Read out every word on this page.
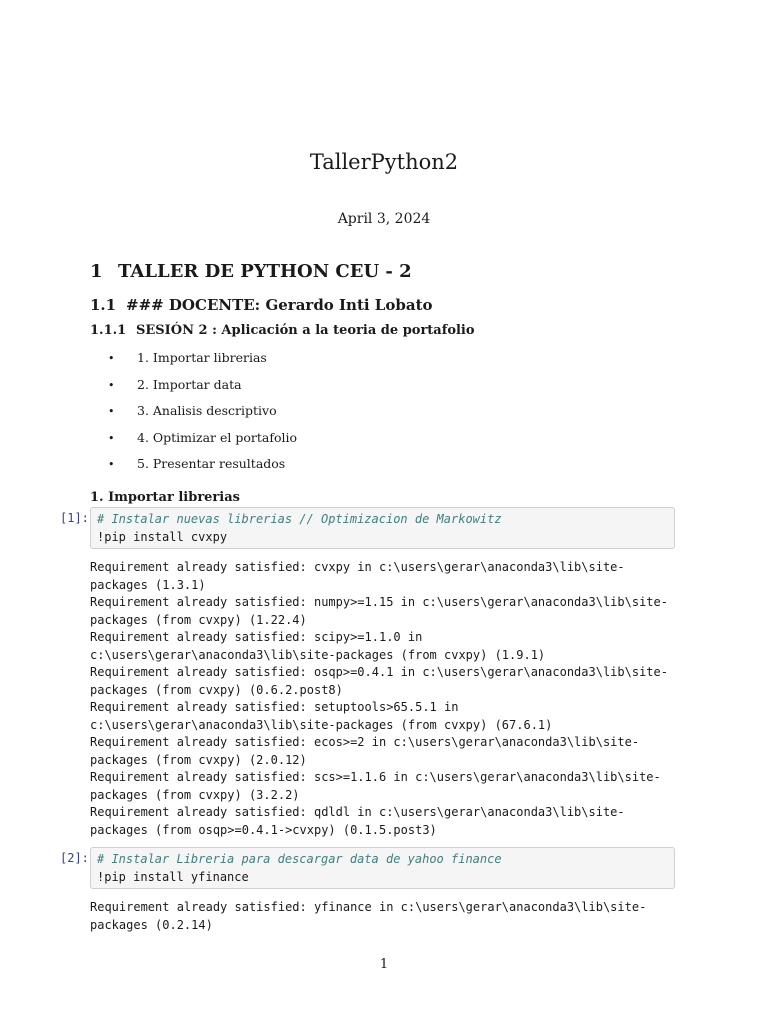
TallerPython2
April 3, 2024
1 TALLER DE PYTHON CEU - 2
1.1 ### DOCENTE: Gerardo Inti Lobato
1.1.1 SESIÓN 2 : Aplicación a la teoria de portafolio
• 1. Importar librerias
• 2. Importar data
• 3. Analisis descriptivo
• 4. Optimizar el portafolio
• 5. Presentar resultados
1. Importar librerias
[1]: # Instalar nuevas librerias // Optimizacion de Markowitz
!pip install cvxpy
Requirement already satisfied: cvxpy in c:\users\gerar\anaconda3\lib\site-
packages (1.3.1)
Requirement already satisfied: numpy>=1.15 in c:\users\gerar\anaconda3\lib\site-
packages (from cvxpy) (1.22.4)
Requirement already satisfied: scipy>=1.1.0 in
c:\users\gerar\anaconda3\lib\site-packages (from cvxpy) (1.9.1)
Requirement already satisfied: osqp>=0.4.1 in c:\users\gerar\anaconda3\lib\site-
packages (from cvxpy) (0.6.2.post8)
Requirement already satisfied: setuptools>65.5.1 in
c:\users\gerar\anaconda3\lib\site-packages (from cvxpy) (67.6.1)
Requirement already satisfied: ecos>=2 in c:\users\gerar\anaconda3\lib\site-
packages (from cvxpy) (2.0.12)
Requirement already satisfied: scs>=1.1.6 in c:\users\gerar\anaconda3\lib\site-
packages (from cvxpy) (3.2.2)
Requirement already satisfied: qdldl in c:\users\gerar\anaconda3\lib\site-
packages (from osqp>=0.4.1->cvxpy) (0.1.5.post3)
[2]: # Instalar Libreria para descargar data de yahoo finance
!pip install yfinance
Requirement already satisfied: yfinance in c:\users\gerar\anaconda3\lib\site-
packages (0.2.14)
1
